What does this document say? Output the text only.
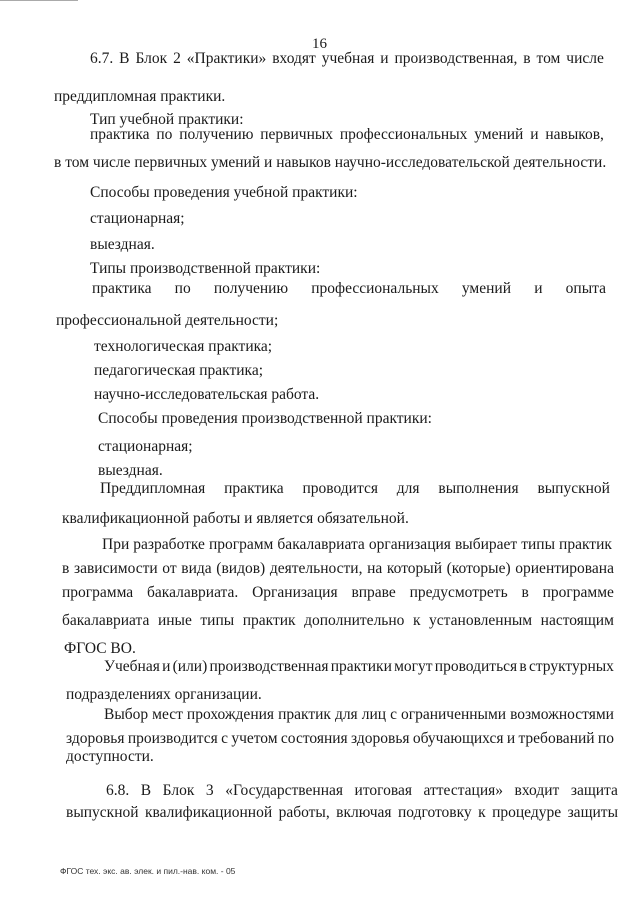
16
6.7. В Блок 2 «Практики» входят учебная и производственная, в том числе
преддипломная практики.
Тип учебной практики:
практика по получению первичных профессиональных умений и навыков,
в том числе первичных умений и навыков научно-исследовательской деятельности.
Способы проведения учебной практики:
стационарная;
выездная.
Типы производственной практики:
практика по получению профессиональных умений и опыта
профессиональной деятельности;
технологическая практика;
педагогическая практика;
научно-исследовательская работа.
Способы проведения производственной практики:
стационарная;
выездная.
Преддипломная практика проводится для выполнения выпускной
квалификационной работы и является обязательной.
При разработке программ бакалавриата организация выбирает типы практик
в зависимости от вида (видов) деятельности, на который (которые) ориентирована
программа бакалавриата. Организация вправе предусмотреть в программе
бакалавриата иные типы практик дополнительно к установленным настоящим
ФГОС ВО.
Учебная и (или) производственная практики могут проводиться в структурных
подразделениях организации.
Выбор мест прохождения практик для лиц с ограниченными возможностями
здоровья производится с учетом состояния здоровья обучающихся и требований по
доступности.
6.8. В Блок 3 «Государственная итоговая аттестация» входит защита
выпускной квалификационной работы, включая подготовку к процедуре защиты
ФГОС тех. экс. ав. элек. и пил.-нав. ком. - 05
